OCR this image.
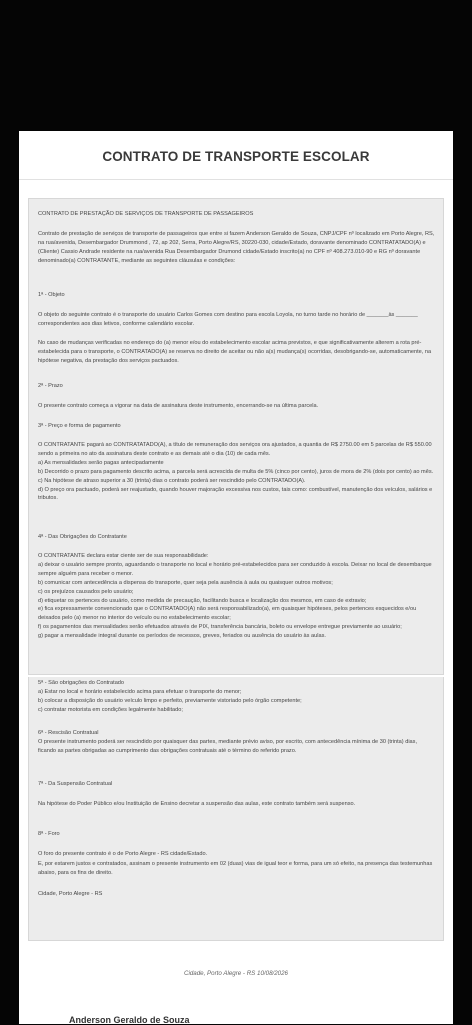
CONTRATO DE TRANSPORTE ESCOLAR
CONTRATO DE PRESTAÇÃO DE SERVIÇOS DE TRANSPORTE DE PASSAGEIROS
Contrato de prestação de serviços de transporte de passageiros que entre si fazem Anderson Geraldo de Souza, CNPJ/CPF nº localizado em Porto Alegre, RS, na rua/avenida, Desembargador Drummond , 72, ap 202, Serra, Porto Alegre/RS, 30220-030, cidade/Estado, doravante denominado CONTRATATADO(A) e (Cliente) Cassio Andrade residente na rua/avenida Rua Desembargador Drumond cidade/Estado inscrito(a) no CPF nº 408.273.010-90 e RG nº doravante denominado(a) CONTRATANTE, mediante as seguintes cláusulas e condições:
1ª - Objeto
O objeto do seguinte contrato é o transporte do usuário Carlos Gomes com destino para escola Loyola, no turno tarde no horário de _______às _______ correspondentes aos dias letivos, conforme calendário escolar.
No caso de mudanças verificadas no endereço do (a) menor e/ou do estabelecimento escolar acima previstos, e que significativamente alterem a rota pré-estabelecida para o transporte, o CONTRATADO(A) se reserva no direito de aceitar ou não a(s) mudança(s) ocorridas, desobrigando-se, automaticamente, na hipótese negativa, da prestação dos serviços pactuados.
2ª - Prazo
O presente contrato começa a vigorar na data de assinatura deste instrumento, encerrando-se na última parcela.
3ª - Preço e forma de pagamento

O CONTRATANTE pagará ao CONTRATATADO(A), a título de remuneração dos serviços ora ajustados, a quantia de R$ 2750.00 em 5 parcelas de R$ 550.00 sendo a primeira no ato da assinatura deste contrato e as demais até o dia (10) de cada mês.

a) As mensalidades serão pagas antecipadamente

b) Decorrido o prazo para pagamento descrito acima, a parcela será acrescida de multa de 5% (cinco por cento), juros de mora de 2% (dois por cento) ao mês.

c) Na hipótese de atraso superior a 30 (trinta) dias o contrato poderá ser rescindido pelo CONTRATADO(A).

d) O preço ora pactuado, poderá ser reajustado, quando houver majoração excessiva nos custos, tais como: combustível, manutenção dos veículos, salários e tributos.

4ª - Das Obrigações do Contratante

O CONTRATANTE declara estar ciente ser de sua responsabilidade:

a) deixar o usuário sempre pronto, aguardando o transporte no local e horário pré-estabelecidos para ser conduzido à escola. Deixar no local de desembarque sempre alguém para receber o menor.

b) comunicar com antecedência a dispensa do transporte, quer seja pela ausência à aula ou quaisquer outros motivos;

c) os prejuízos causados pelo usuário;

d) etiquetar os pertences do usuário, como medida de precaução, facilitando busca e localização dos mesmos, em caso de extravio;

e) fica expressamente convencionado que o CONTRATADO(A) não será responsabilizado(a), em quaisquer hipóteses, pelos pertences esquecidos e/ou deixados pelo (a) menor no interior do veículo ou no estabelecimento escolar;

f) os pagamentos das mensalidades serão efetuados através de PIX, transferência bancária, boleto ou envelope entregue previamente ao usuário;

g) pagar a mensalidade integral durante os períodos de recessos, greves, feriados ou ausência do usuário às aulas.

5ª - São obrigações do Contratado

a) Estar no local e horário estabelecido acima para efetuar o transporte do menor;

b) colocar a disposição do usuário veículo limpo e perfeito, previamente vistoriado pelo órgão competente;

c) contratar motorista em condições legalmente habilitado;

6ª - Rescisão Contratual
O presente instrumento poderá ser rescindido por quaisquer das partes, mediante prévio aviso, por escrito, com antecedência mínima de 30 (trinta) dias, ficando as partes obrigadas ao cumprimento das obrigações contratuais até o término do referido prazo.
7ª - Da Suspensão Contratual
Na hipótese do Poder Público e/ou Instituição de Ensino decretar a suspensão das aulas, este contrato também será suspenso.
8ª - Foro
O foro do presente contrato é o de Porto Alegre - RS cidade/Estado.
E, por estarem justos e contratados, assinam o presente instrumento em 02 (duas) vias de igual teor e forma, para um só efeito, na presença das testemunhas abaixo, para os fins de direito.
Cidade, Porto Alegre - RS
Cidade, Porto Alegre - RS 10/08/2026
Anderson Geraldo de Souza
